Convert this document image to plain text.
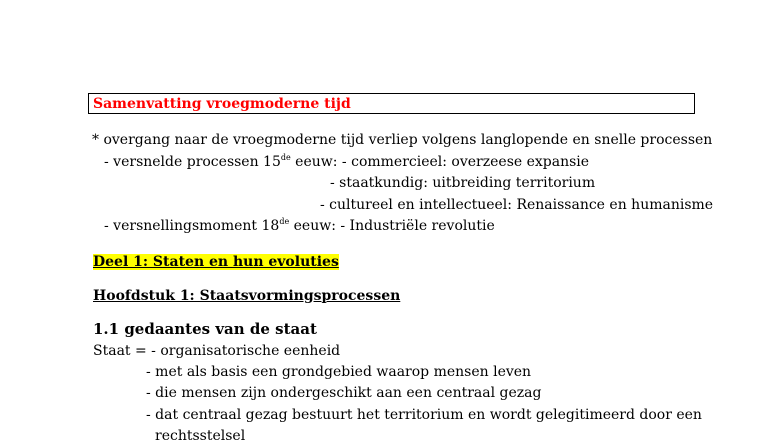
Samenvatting vroegmoderne tijd
* overgang naar de vroegmoderne tijd verliep volgens langlopende en snelle processen
- versnelde processen 15de eeuw: - commercieel: overzeese expansie
- staatkundig: uitbreiding territorium
- cultureel en intellectueel: Renaissance en humanisme
- versnellingsmoment 18de eeuw: - Industriële revolutie
Deel 1: Staten en hun evoluties
Hoofdstuk 1: Staatsvormingsprocessen
1.1 gedaantes van de staat
Staat = - organisatorische eenheid
- met als basis een grondgebied waarop mensen leven
- die mensen zijn ondergeschikt aan een centraal gezag
- dat centraal gezag bestuurt het territorium en wordt gelegitimeerd door een
rechtsstelsel
